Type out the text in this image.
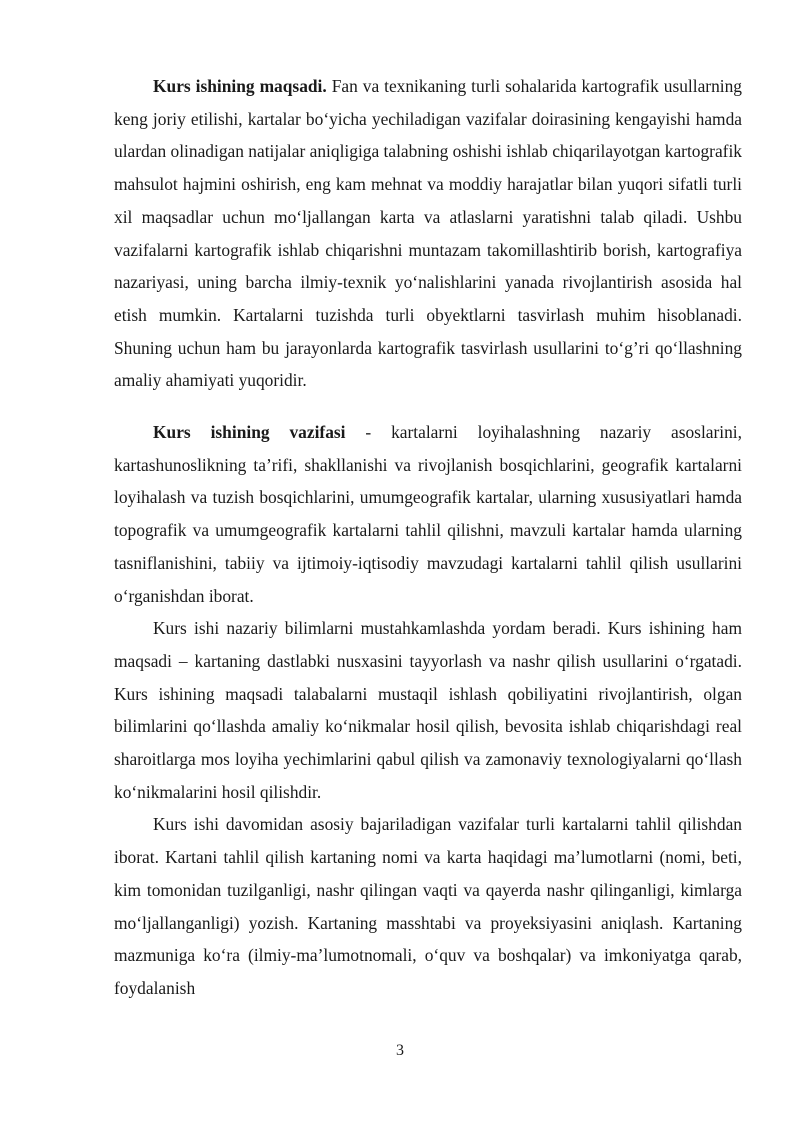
Kurs ishining maqsadi. Fan va texnikaning turli sohalarida kartografik usullarning keng joriy etilishi, kartalar bo‘yicha yechiladigan vazifalar doirasining kengayishi hamda ulardan olinadigan natijalar aniqligiga talabning oshishi ishlab chiqarilayotgan kartografik mahsulot hajmini oshirish, eng kam mehnat va moddiy harajatlar bilan yuqori sifatli turli xil maqsadlar uchun mo‘ljallangan karta va atlaslarni yaratishni talab qiladi. Ushbu vazifalarni kartografik ishlab chiqarishni muntazam takomillashtirib borish, kartografiya nazariyasi, uning barcha ilmiy-texnik yo‘nalishlarini yanada rivojlantirish asosida hal etish mumkin. Kartalarni tuzishda turli obyektlarni tasvirlash muhim hisoblanadi. Shuning uchun ham bu jarayonlarda kartografik tasvirlash usullarini to‘g’ri qo‘llashning amaliy ahamiyati yuqoridir.

Kurs ishining vazifasi - kartalarni loyihalashning nazariy asoslarini, kartashunoslikning ta’rifi, shakllanishi va rivojlanish bosqichlarini, geografik kartalarni loyihalash va tuzish bosqichlarini, umumgeografik kartalar, ularning xususiyatlari hamda topografik va umumgeografik kartalarni tahlil qilishni, mavzuli kartalar hamda ularning tasniflanishini, tabiiy va ijtimoiy-iqtisodiy mavzudagi kartalarni tahlil qilish usullarini o‘rganishdan iborat.

Kurs ishi nazariy bilimlarni mustahkamlashda yordam beradi. Kurs ishining ham maqsadi – kartaning dastlabki nusxasini tayyorlash va nashr qilish usullarini o‘rgatadi. Kurs ishining maqsadi talabalarni mustaqil ishlash qobiliyatini rivojlantirish, olgan bilimlarini qo‘llashda amaliy ko‘nikmalar hosil qilish, bevosita ishlab chiqarishdagi real sharoitlarga mos loyiha yechimlarini qabul qilish va zamonaviy texnologiyalarni qo‘llash ko‘nikmalarini hosil qilishdir.

Kurs ishi davomidan asosiy bajariladigan vazifalar turli kartalarni tahlil qilishdan iborat. Kartani tahlil qilish kartaning nomi va karta haqidagi ma’lumotlarni (nomi, beti, kim tomonidan tuzilganligi, nashr qilingan vaqti va qayerda nashr qilinganligi, kimlarga mo‘ljallanganligi) yozish. Kartaning masshtabi va proyeksiyasini aniqlash. Kartaning mazmuniga ko‘ra (ilmiy-ma’lumotnomali, o‘quv va boshqalar) va imkoniyatga qarab, foydalanish

3
